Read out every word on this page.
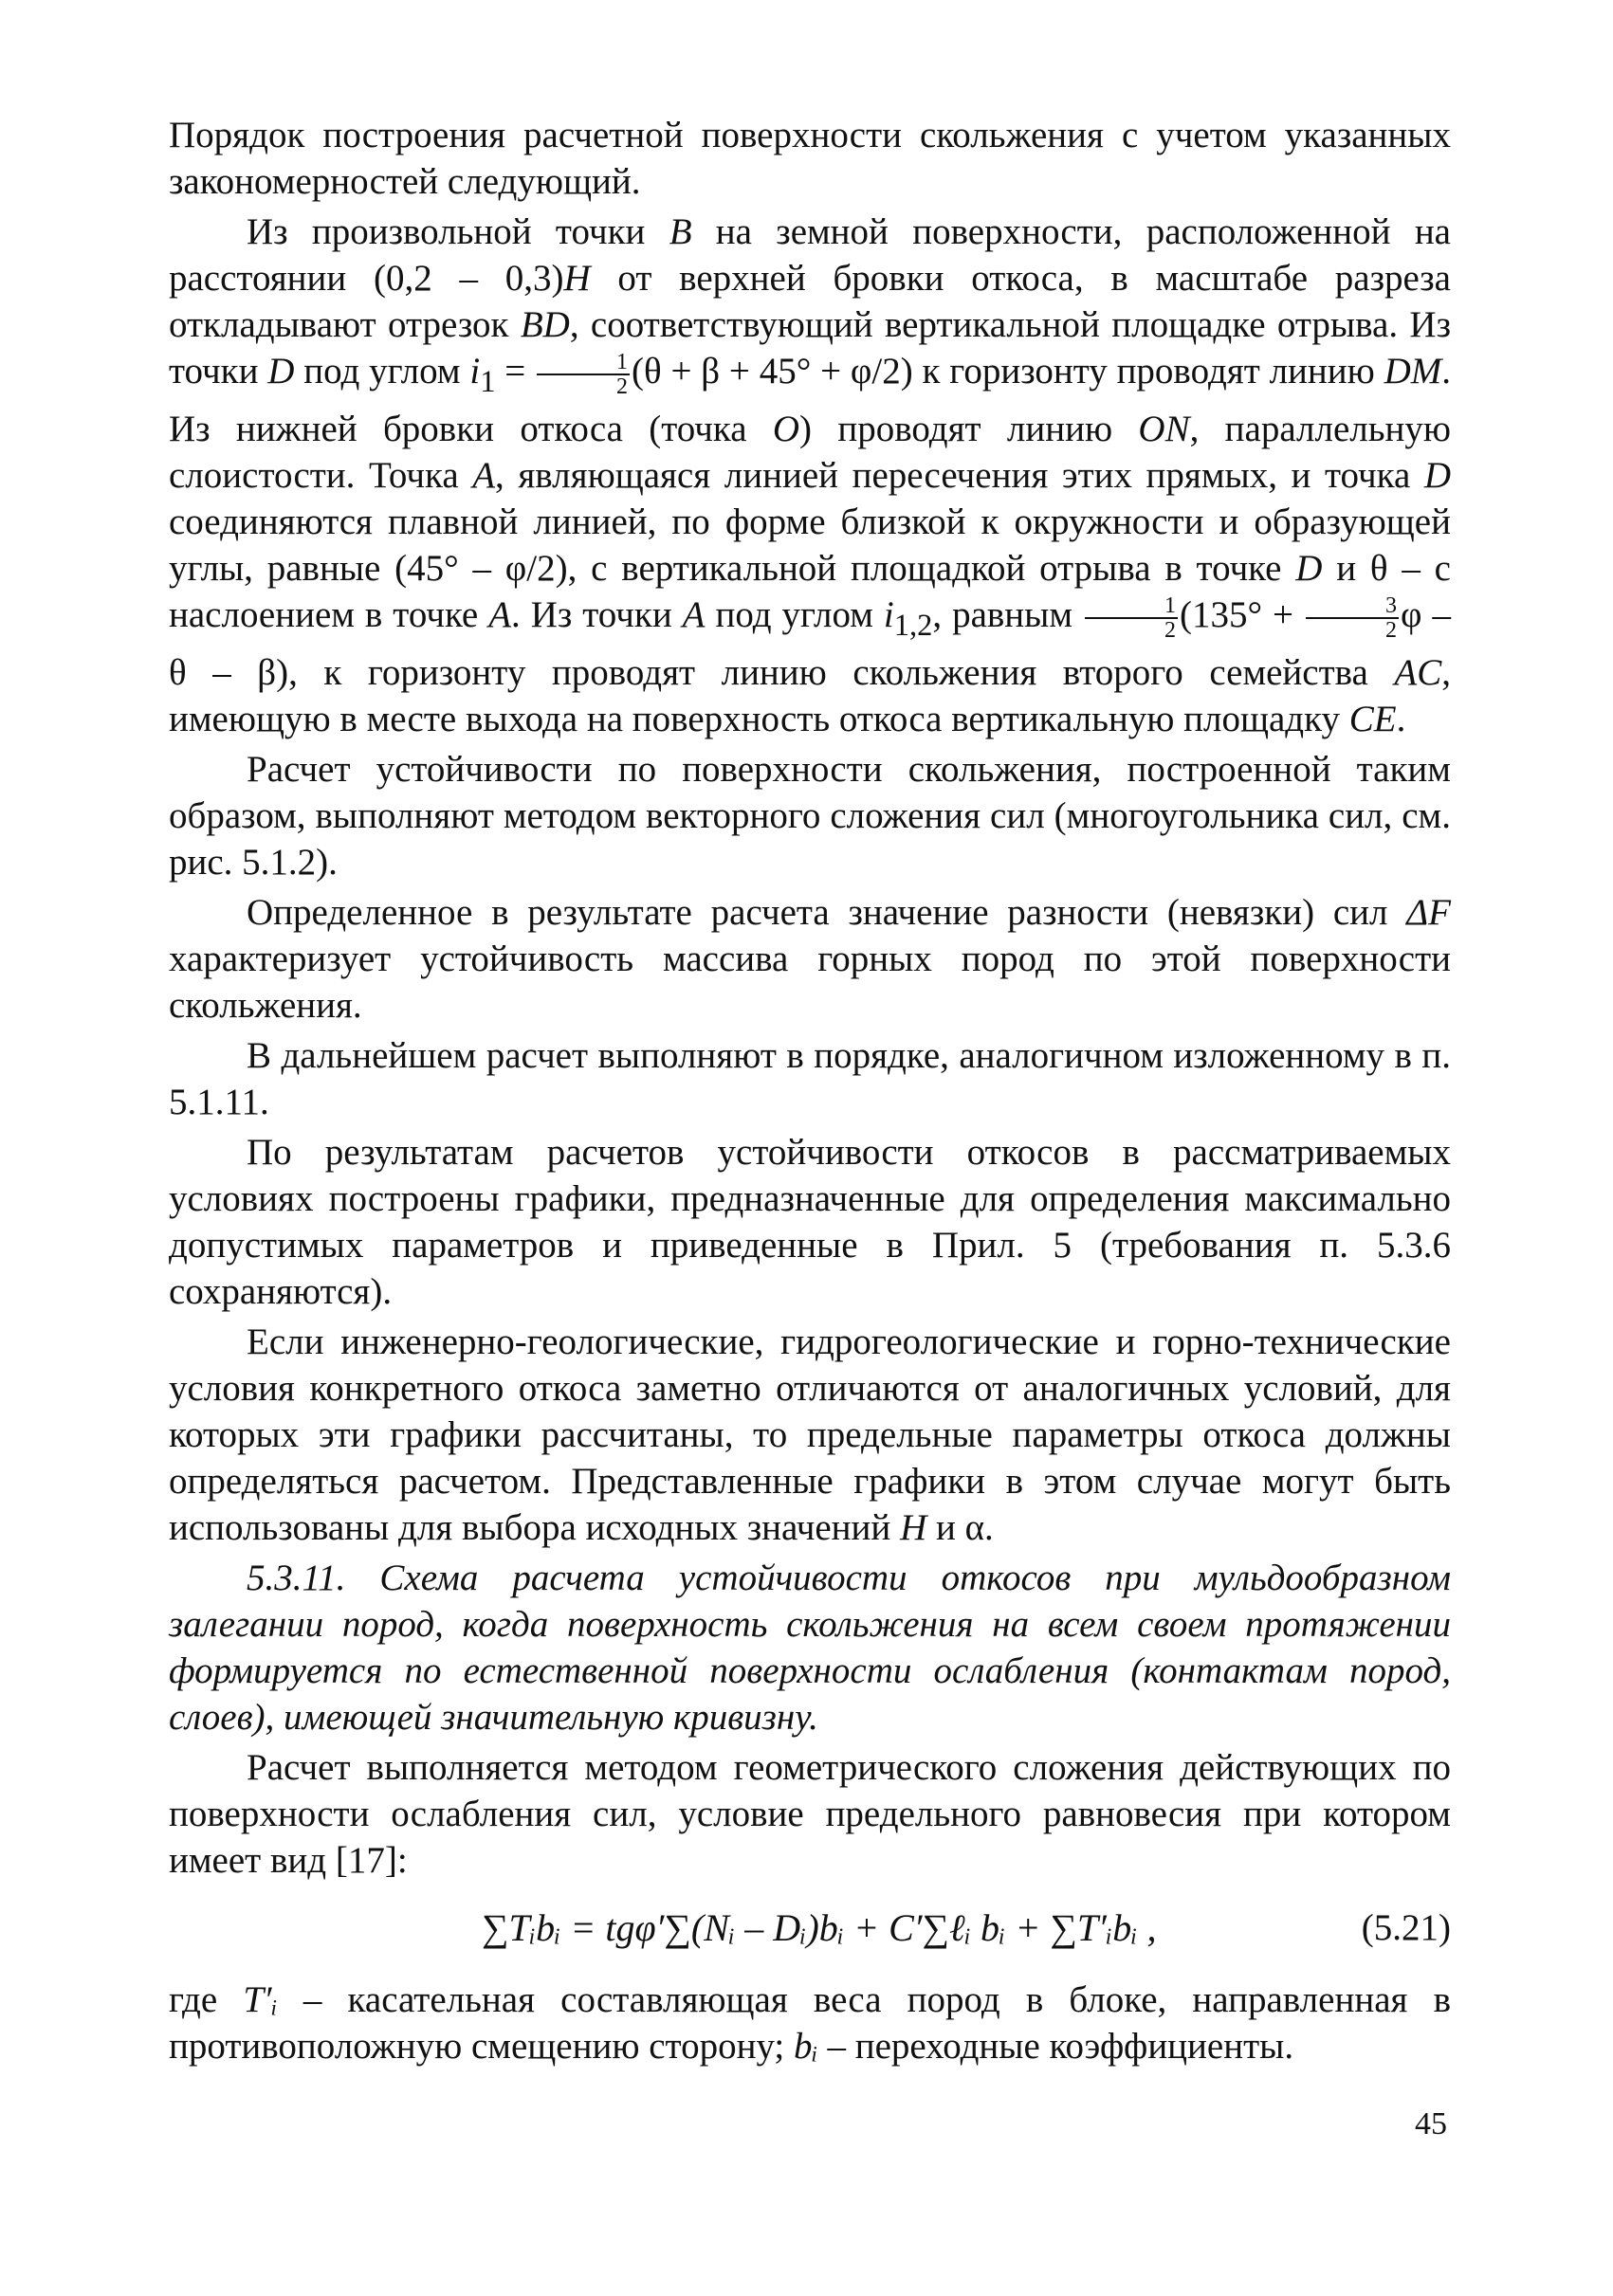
Порядок построения расчетной поверхности скольжения с учетом указанных закономерностей следующий.

Из произвольной точки B на земной поверхности, расположенной на расстоянии (0,2 – 0,3)H от верхней бровки откоса, в масштабе разреза откладывают отрезок BD, соответствующий вертикальной площадке отрыва. Из точки D под углом $i_1 = \frac{1}{2} (\theta + \beta + 45^\circ + \varphi/2)$ к горизонту проводят линию DM. Из нижней бровки откоса (точка O) проводят линию ON, параллельную слоистости. Точка A, являющаяся линией пересечения этих прямых, и точка D соединяются плавной линией, по форме близкой к окружности и образующей углы, равные (45° – φ/2), с вертикальной площадкой отрыва в точке D и θ – с наслоением в точке A. Из точки A под углом $i_{1,2}$, равным $\frac{1}{2} (135^\circ + \frac{3}{2}$ φ – θ – β), к горизонту проводят линию скольжения второго семейства AC, имеющую в месте выхода на поверхность откоса вертикальную площадку CE.

Расчет устойчивости по поверхности скольжения, построенной таким образом, выполняют методом векторного сложения сил (многоугольника сил, см. рис. 5.1.2).

Определенное в результате расчета значение разности (невязки) сил ΔF характеризует устойчивость массива горных пород по этой поверхности скольжения.

В дальнейшем расчет выполняют в порядке, аналогичном изложенному в п. 5.1.11.

По результатам расчетов устойчивости откосов в рассматриваемых условиях построены графики, предназначенные для определения максимально допустимых параметров и приведенные в Прил. 5 (требования п. 5.3.6 сохраняются).

Если инженерно-геологические, гидрогеологические и горно-технические условия конкретного откоса заметно отличаются от аналогичных условий, для которых эти графики рассчитаны, то предельные параметры откоса должны определяться расчетом. Представленные графики в этом случае могут быть использованы для выбора исходных значений H и α.

5.3.11. Схема расчета устойчивости откосов при мульдообразном залегании пород, когда поверхность скольжения на всем своем протяжении формируется по естественной поверхности ослабления (контактам пород, слоев), имеющей значительную кривизну.

Расчет выполняется методом геометрического сложения действующих по поверхности ослабления сил, условие предельного равновесия при котором имеет вид [17]:

∑Tᵢbᵢ = tgφ′∑(Nᵢ – Dᵢ)bᵢ + C′∑ℓᵢ bᵢ + ∑T′ᵢbᵢ ,	(5.21)

где T′ᵢ – касательная составляющая веса пород в блоке, направленная в противоположную смещению сторону; bᵢ – переходные коэффициенты.

45
